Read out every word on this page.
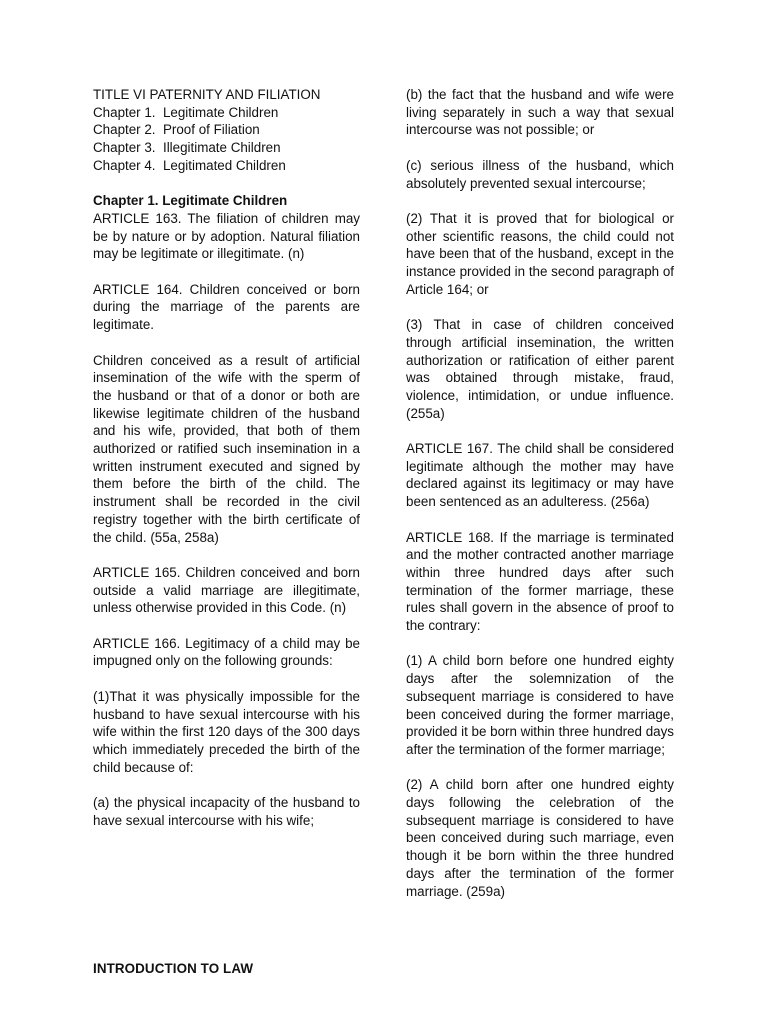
TITLE VI PATERNITY AND FILIATION
Chapter 1.  Legitimate Children
Chapter 2.  Proof of Filiation
Chapter 3.  Illegitimate Children
Chapter 4.  Legitimated Children

Chapter 1. Legitimate Children
ARTICLE 163. The filiation of children may be by nature or by adoption. Natural filiation may be legitimate or illegitimate. (n)

ARTICLE 164. Children conceived or born during the marriage of the parents are legitimate.

Children conceived as a result of artificial insemination of the wife with the sperm of the husband or that of a donor or both are likewise legitimate children of the husband and his wife, provided, that both of them authorized or ratified such insemination in a written instrument executed and signed by them before the birth of the child. The instrument shall be recorded in the civil registry together with the birth certificate of the child. (55a, 258a)

ARTICLE 165. Children conceived and born outside a valid marriage are illegitimate, unless otherwise provided in this Code. (n)

ARTICLE 166. Legitimacy of a child may be impugned only on the following grounds:

(1)That it was physically impossible for the husband to have sexual intercourse with his wife within the first 120 days of the 300 days which immediately preceded the birth of the child because of:

(a) the physical incapacity of the husband to have sexual intercourse with his wife;

(b) the fact that the husband and wife were living separately in such a way that sexual intercourse was not possible; or

(c) serious illness of the husband, which absolutely prevented sexual intercourse;

(2) That it is proved that for biological or other scientific reasons, the child could not have been that of the husband, except in the instance provided in the second paragraph of Article 164; or

(3) That in case of children conceived through artificial insemination, the written authorization or ratification of either parent was obtained through mistake, fraud, violence, intimidation, or undue influence. (255a)

ARTICLE 167. The child shall be considered legitimate although the mother may have declared against its legitimacy or may have been sentenced as an adulteress. (256a)

ARTICLE 168. If the marriage is terminated and the mother contracted another marriage within three hundred days after such termination of the former marriage, these rules shall govern in the absence of proof to the contrary:

(1) A child born before one hundred eighty days after the solemnization of the subsequent marriage is considered to have been conceived during the former marriage, provided it be born within three hundred days after the termination of the former marriage;

(2) A child born after one hundred eighty days following the celebration of the subsequent marriage is considered to have been conceived during such marriage, even though it be born within the three hundred days after the termination of the former marriage. (259a)

INTRODUCTION TO LAW
